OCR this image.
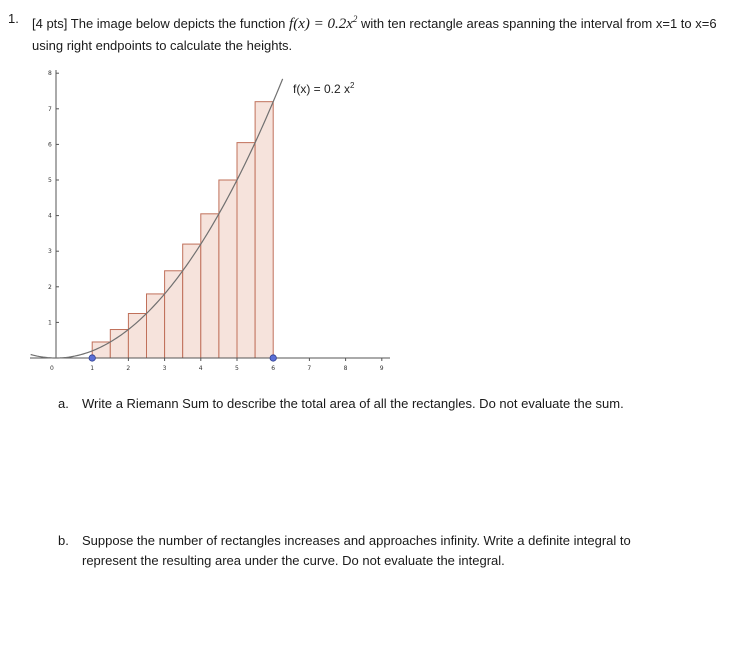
1. [4 pts] The image below depicts the function $f(x) = 0.2x^2$ with ten rectangle areas spanning the interval from x=1 to x=6 using right endpoints to calculate the heights.
0	1	2	3	4	5	6	7	8	9
1
2
3
4
5
6
7
8
f(x) = 0.2 $x^2$
a. Write a Riemann Sum to describe the total area of all the rectangles. Do not evaluate the sum.
b. Suppose the number of rectangles increases and approaches infinity. Write a definite integral to
represent the resulting area under the curve. Do not evaluate the integral.
